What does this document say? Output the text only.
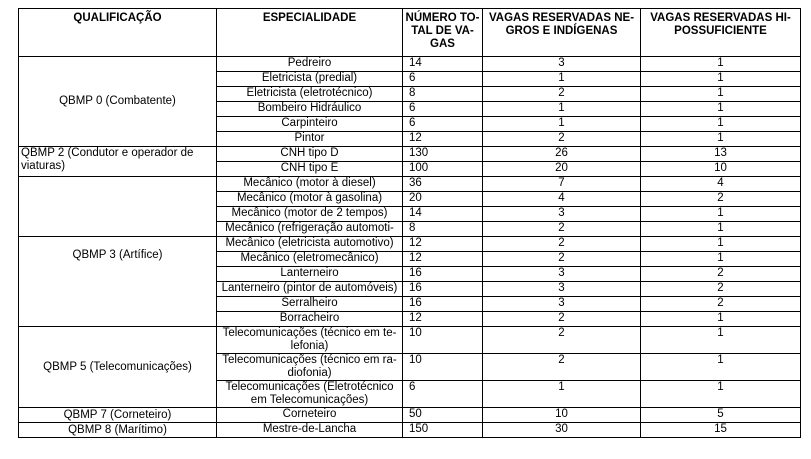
QUALIFICAÇÃO	ESPECIALIDADE	NÚMERO TO-TAL DE VA-GAS	VAGAS RESERVADAS NE-GROS E INDÍGENAS	VAGAS RESERVADAS HI-POSSUFICIENTE
QBMP 0 (Combatente)	Pedreiro	14	3	1
	Eletricista (predial)	6	1	1
	Eletricista (eletrotécnico)	8	2	1
	Bombeiro Hidráulico	6	1	1
	Carpinteiro	6	1	1
	Pintor	12	2	1
QBMP 2 (Condutor e operador de viaturas)	CNH tipo D	130	26	13
	CNH tipo E	100	20	10
	Mecânico (motor à diesel)	36	7	4
	Mecânico (motor à gasolina)	20	4	2
	Mecânico (motor de 2 tempos)	14	3	1
	Mecânico (refrigeração automoti-	8	2	1
QBMP 3 (Artífice)	Mecânico (eletricista automotivo)	12	2	1
	Mecânico (eletromecânico)	12	2	1
	Lanterneiro	16	3	2
	Lanterneiro (pintor de automóveis)	16	3	2
	Serralheiro	16	3	2
	Borracheiro	12	2	1
QBMP 5 (Telecomunicações)	Telecomunicações (técnico em te-lefonia)	10	2	1
	Telecomunicações (técnico em ra-diofonia)	10	2	1
	Telecomunicações (Eletrotécnico em Telecomunicações)	6	1	1
QBMP 7 (Corneteiro)	Corneteiro	50	10	5
QBMP 8 (Marítimo)	Mestre-de-Lancha	150	30	15
